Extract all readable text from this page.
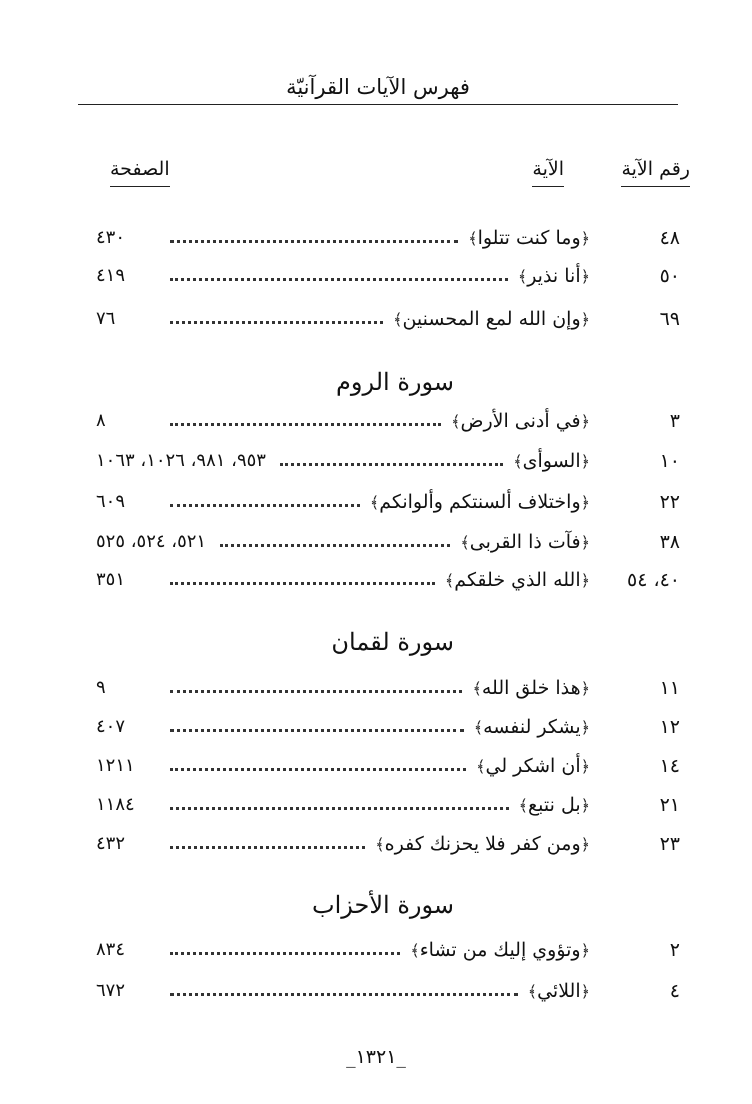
فهرس الآيات القرآنيّة
رقم الآية
الآية
الصفحة
٤٨
﴿وما كنت تتلوا﴾
٤٣٠
٥٠
﴿أنا نذير﴾
٤١٩
٦٩
﴿وإن الله لمع المحسنين﴾
٧٦
سورة الروم
٣
﴿في أدنى الأرض﴾
٨
١٠
﴿السوأى﴾
٩٥٣، ٩٨١، ١٠٢٦، ١٠٦٣
٢٢
﴿واختلاف ألسنتكم وألوانكم﴾
٦٠٩
٣٨
﴿فآت ذا القربى﴾
٥٢١، ٥٢٤، ٥٢٥
٤٠، ٥٤
﴿الله الذي خلقكم﴾
٣٥١
سورة لقمان
١١
﴿هذا خلق الله﴾
٩
١٢
﴿يشكر لنفسه﴾
٤٠٧
١٤
﴿أن اشكر لي﴾
١٢١١
٢١
﴿بل نتبع﴾
١١٨٤
٢٣
﴿ومن كفر فلا يحزنك كفره﴾
٤٣٢
سورة الأحزاب
٢
﴿وتؤوي إليك من تشاء﴾
٨٣٤
٤
﴿اللائي﴾
٦٧٢
_١٣٢١_
